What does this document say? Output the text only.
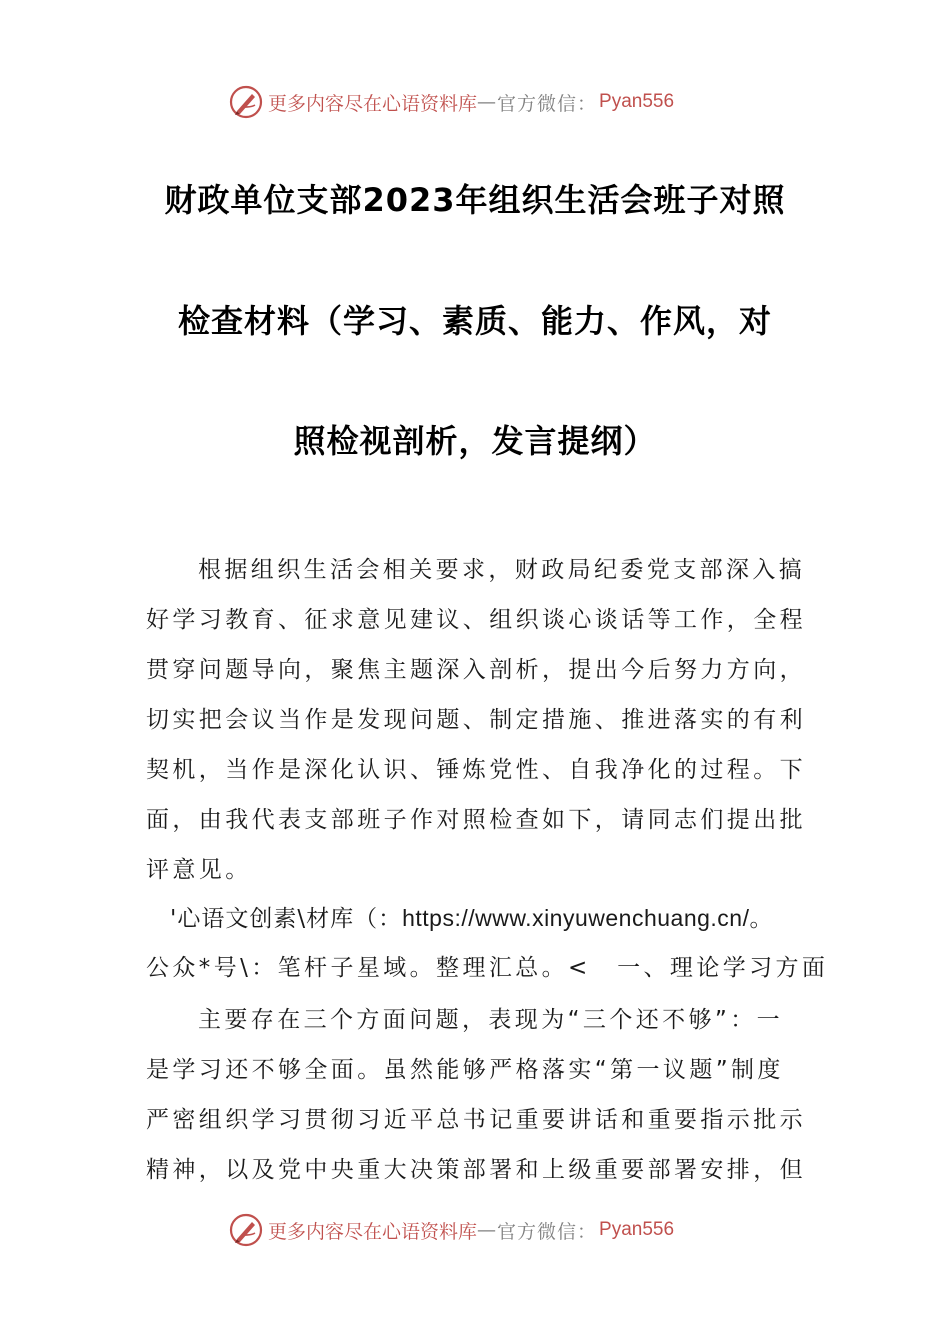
更多内容尽在心语资料库 — 官方微信： Pyan556
财政单位支部2023年组织生活会班子对照
检查材料（学习、素质、能力、作风，对
照检视剖析，发言提纲）
根据组织生活会相关要求，财政局纪委党支部深入搞
好学习教育、征求意见建议、组织谈心谈话等工作，全程
贯穿问题导向，聚焦主题深入剖析，提出今后努力方向，
切实把会议当作是发现问题、制定措施、推进落实的有利
契机，当作是深化认识、锤炼党性、自我净化的过程。下
面，由我代表支部班子作对照检查如下，请同志们提出批
评意见。
'心语文创素\材库（：https://www.xinyuwenchuang.cn/。
公众*号\：笔杆子星域。整理汇总。<　一、理论学习方面
主要存在三个方面问题，表现为“三个还不够”：一
是学习还不够全面。虽然能够严格落实“第一议题”制度
严密组织学习贯彻习近平总书记重要讲话和重要指示批示
精神，以及党中央重大决策部署和上级重要部署安排，但
更多内容尽在心语资料库 — 官方微信： Pyan556
